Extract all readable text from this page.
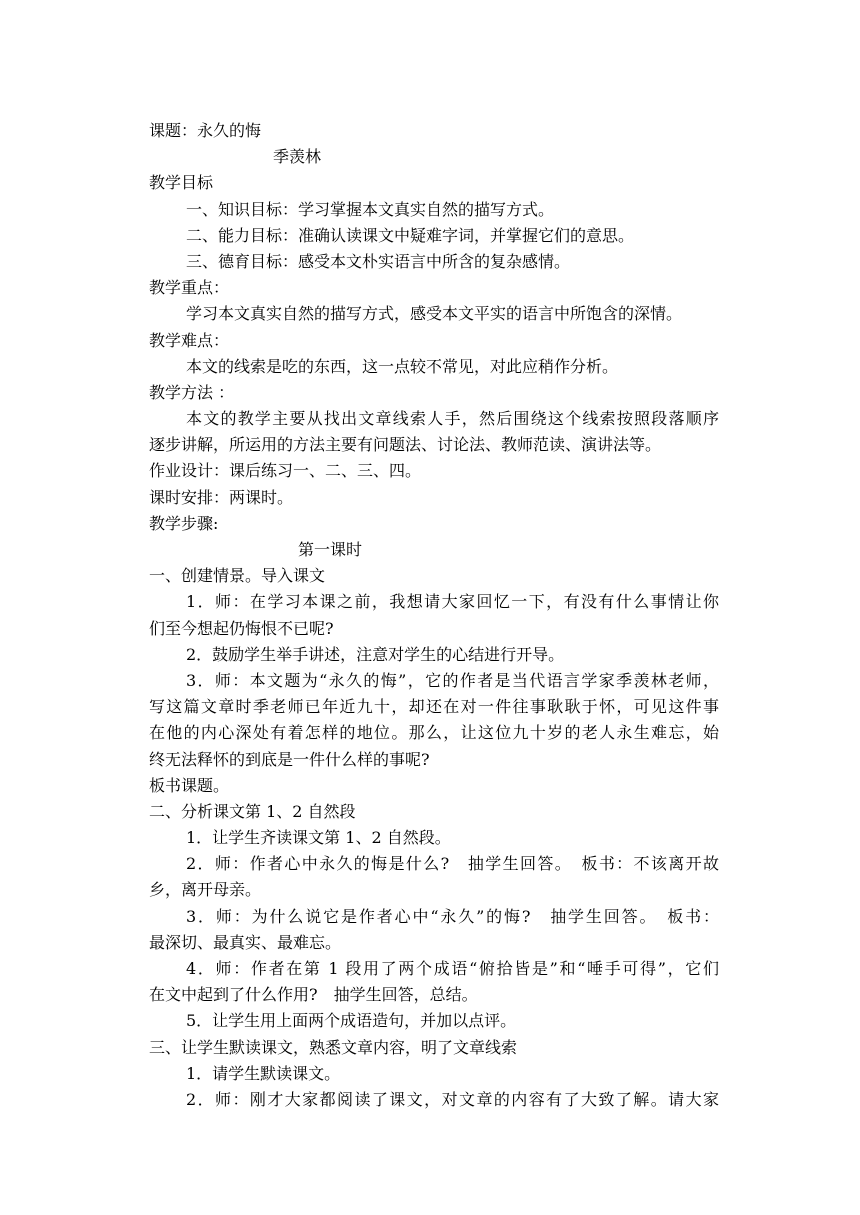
课题：永久的悔
季羡林
教学目标
一、知识目标：学习掌握本文真实自然的描写方式。
二、能力目标：准确认读课文中疑难字词，并掌握它们的意思。
三、德育目标：感受本文朴实语言中所含的复杂感情。
教学重点：
学习本文真实自然的描写方式，感受本文平实的语言中所饱含的深情。
教学难点：
本文的线索是吃的东西，这一点较不常见，对此应稍作分析。
教学方法 ：
本文的教学主要从找出文章线索人手，然后围绕这个线索按照段落顺序
逐步讲解，所运用的方法主要有问题法、讨论法、教师范读、演讲法等。
作业设计：课后练习一、二、三、四。
课时安排：两课时。
教学步骤:
第一课时
一、创建情景。导入课文
1．师：在学习本课之前，我想请大家回忆一下，有没有什么事情让你
们至今想起仍悔恨不已呢?
2．鼓励学生举手讲述，注意对学生的心结进行开导。
3．师：本文题为“永久的悔”，它的作者是当代语言学家季羡林老师，
写这篇文章时季老师已年近九十，却还在对一件往事耿耿于怀，可见这件事
在他的内心深处有着怎样的地位。那么，让这位九十岁的老人永生难忘，始
终无法释怀的到底是一件什么样的事呢?
板书课题。
二、分析课文第 1、2 自然段
1．让学生齐读课文第 1、2 自然段。
2．师：作者心中永久的悔是什么?　抽学生回答。　板书：不该离开故
乡，离开母亲。
3．师：为什么说它是作者心中“永久”的悔?　抽学生回答。　板书：
最深切、最真实、最难忘。
4．师：作者在第 1 段用了两个成语“俯拾皆是”和“唾手可得”，它们
在文中起到了什么作用?　抽学生回答，总结。
5．让学生用上面两个成语造句，并加以点评。
三、让学生默读课文，熟悉文章内容，明了文章线索
1．请学生默读课文。
2．师：刚才大家都阅读了课文，对文章的内容有了大致了解。请大家
